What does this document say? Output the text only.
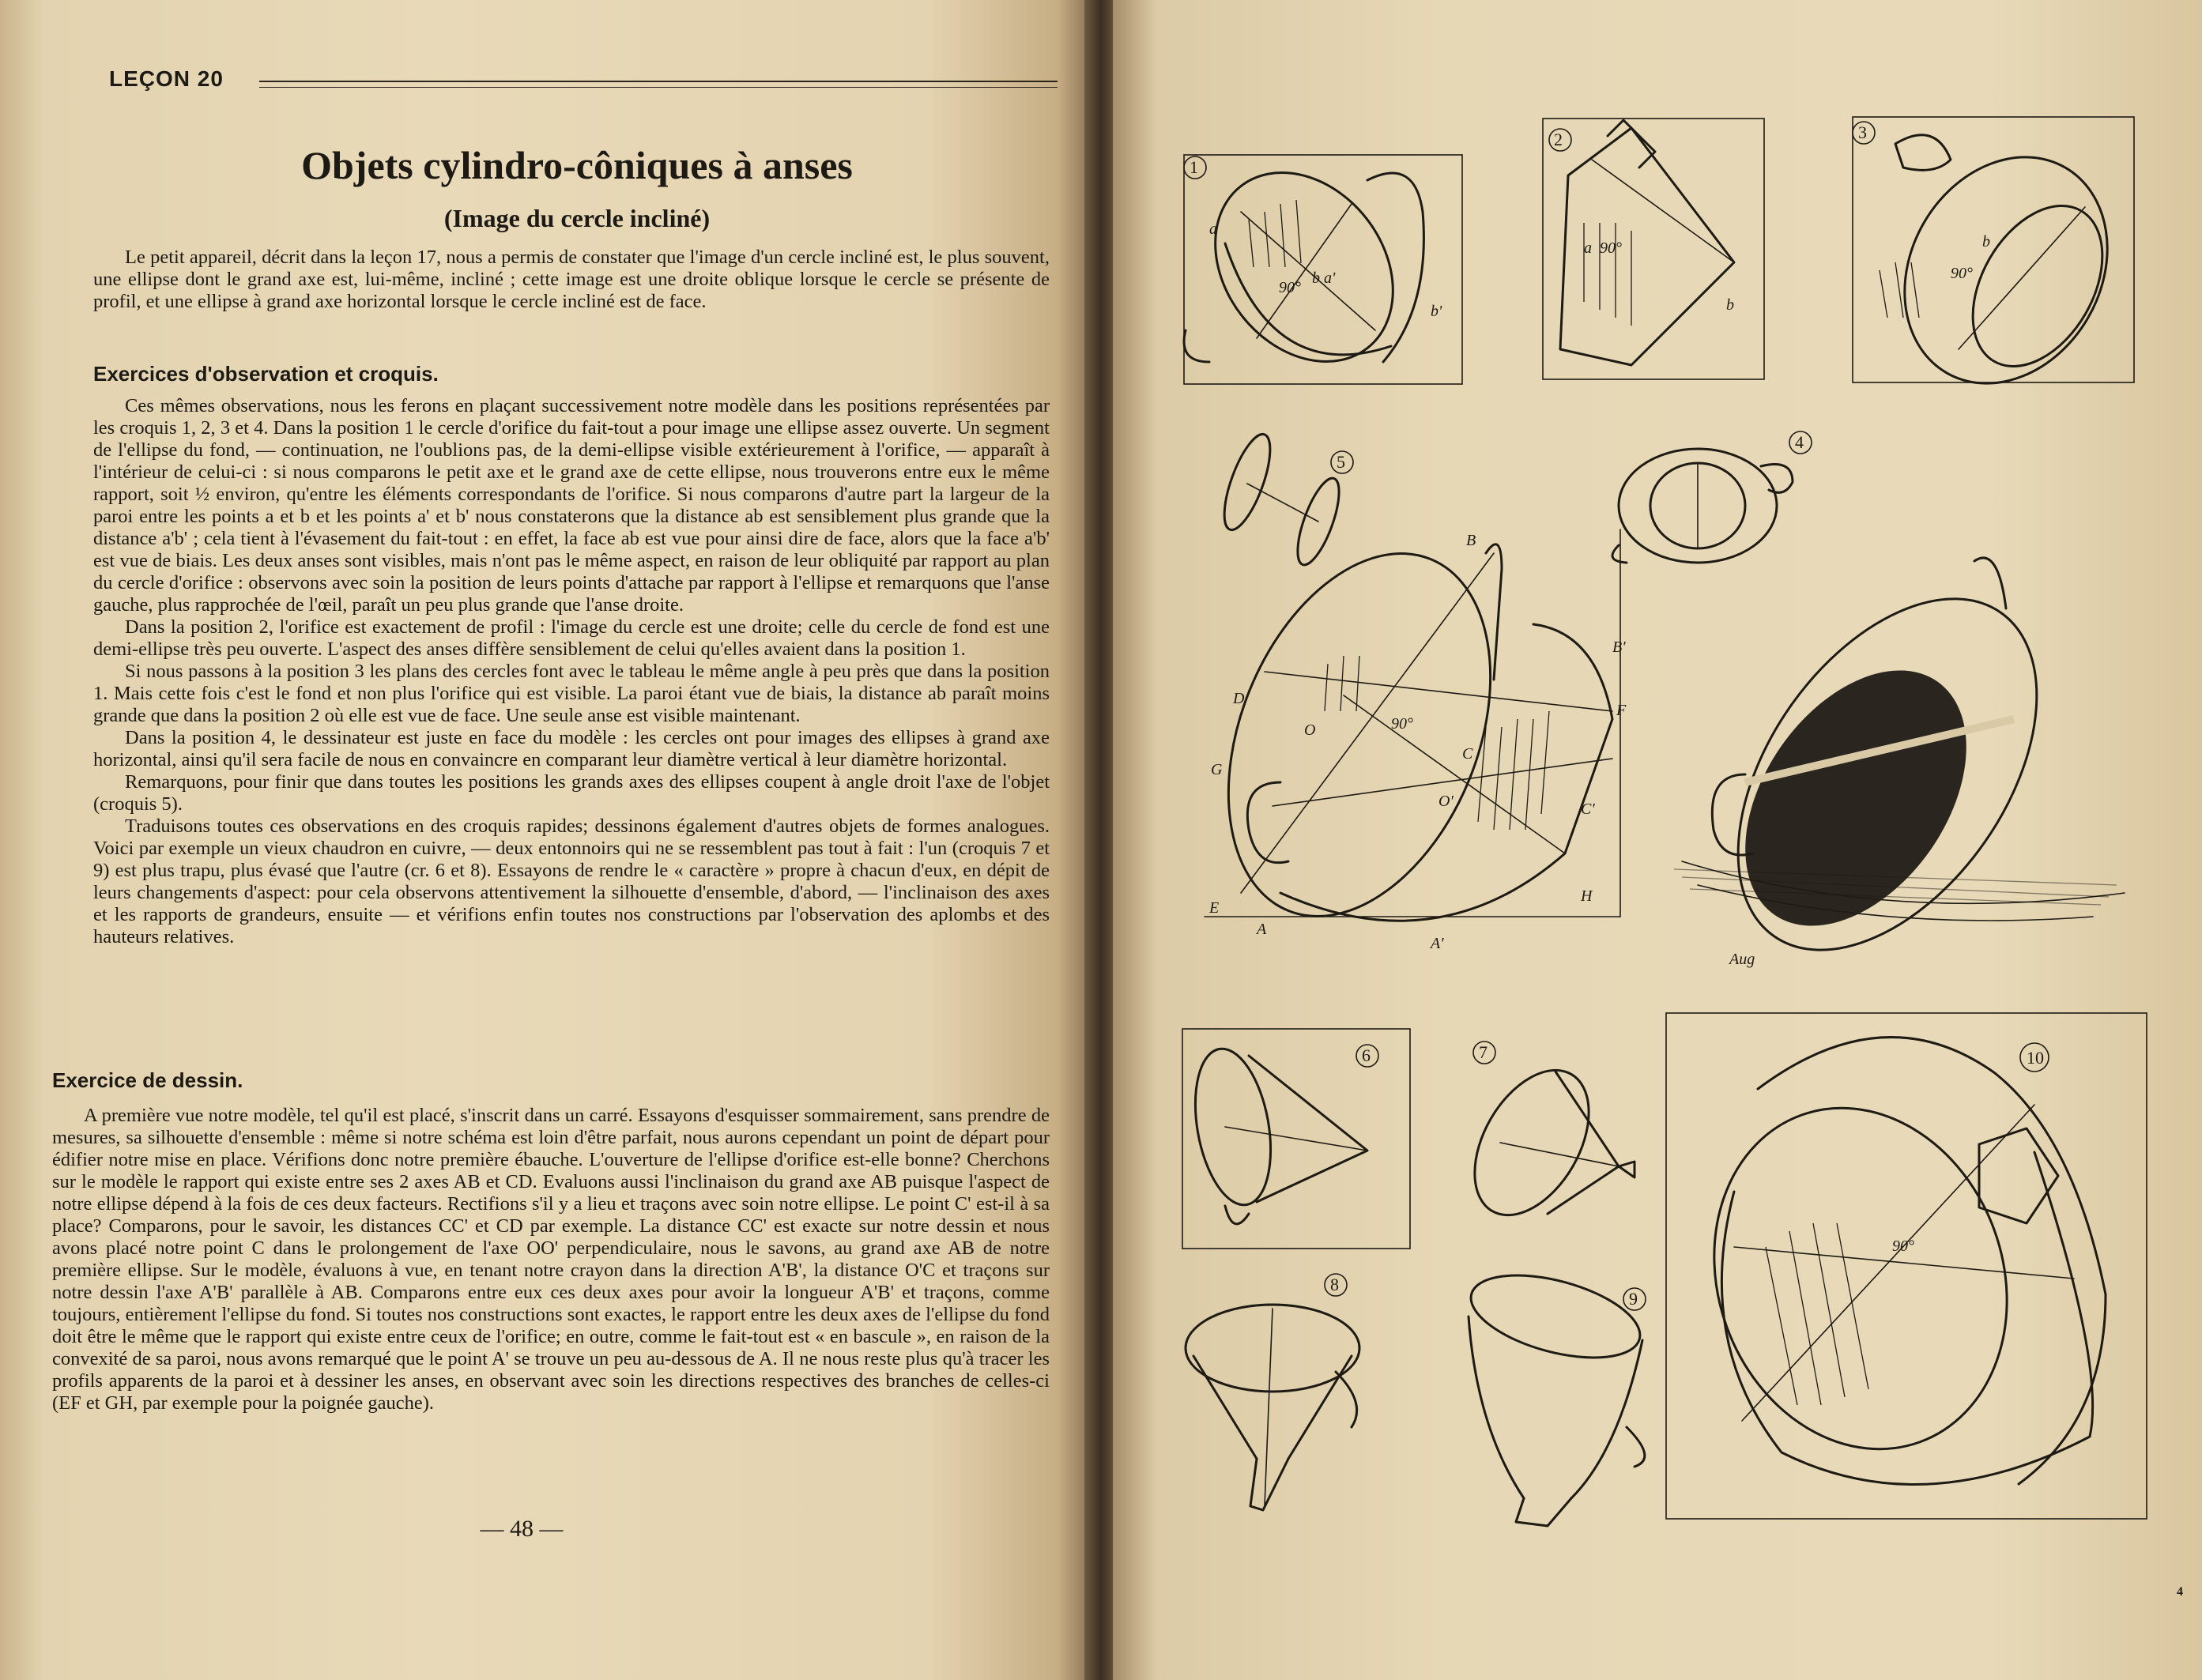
LEÇON 20
Objets cylindro-côniques à anses
(Image du cercle incliné)

Le petit appareil, décrit dans la leçon 17, nous a permis de constater que l'image d'un cercle incliné est, le plus souvent, une ellipse dont le grand axe est, lui-même, incliné ; cette image est une droite oblique lorsque le cercle se présente de profil, et une ellipse à grand axe horizontal lorsque le cercle incliné est de face.

Exercices d'observation et croquis.

Ces mêmes observations, nous les ferons en plaçant successivement notre modèle dans les positions représentées par les croquis 1, 2, 3 et 4. Dans la position 1 le cercle d'orifice du fait-tout a pour image une ellipse assez ouverte. Un segment de l'ellipse du fond, — continuation, ne l'oublions pas, de la demi-ellipse visible extérieurement à l'orifice, — apparaît à l'intérieur de celui-ci : si nous comparons le petit axe et le grand axe de cette ellipse, nous trouverons entre eux le même rapport, soit ½ environ, qu'entre les éléments correspondants de l'orifice. Si nous comparons d'autre part la largeur de la paroi entre les points a et b et les points a' et b' nous constaterons que la distance ab est sensiblement plus grande que la distance a'b' ; cela tient à l'évasement du fait-tout : en effet, la face ab est vue pour ainsi dire de face, alors que la face a'b' est vue de biais. Les deux anses sont visibles, mais n'ont pas le même aspect, en raison de leur obliquité par rapport au plan du cercle d'orifice : observons avec soin la position de leurs points d'attache par rapport à l'ellipse et remarquons que l'anse gauche, plus rapprochée de l'œil, paraît un peu plus grande que l'anse droite.

Dans la position 2, l'orifice est exactement de profil : l'image du cercle est une droite; celle du cercle de fond est une demi-ellipse très peu ouverte. L'aspect des anses diffère sensiblement de celui qu'elles avaient dans la position 1.

Si nous passons à la position 3 les plans des cercles font avec le tableau le même angle à peu près que dans la position 1. Mais cette fois c'est le fond et non plus l'orifice qui est visible. La paroi étant vue de biais, la distance ab paraît moins grande que dans la position 2 où elle est vue de face. Une seule anse est visible maintenant.

Dans la position 4, le dessinateur est juste en face du modèle : les cercles ont pour images des ellipses à grand axe horizontal, ainsi qu'il sera facile de nous en convaincre en comparant leur diamètre vertical à leur diamètre horizontal.

Remarquons, pour finir que dans toutes les positions les grands axes des ellipses coupent à angle droit l'axe de l'objet (croquis 5).

Traduisons toutes ces observations en des croquis rapides; dessinons également d'autres objets de formes analogues. Voici par exemple un vieux chaudron en cuivre, — deux entonnoirs qui ne se ressemblent pas tout à fait : l'un (croquis 7 et 9) est plus trapu, plus évasé que l'autre (cr. 6 et 8). Essayons de rendre le « caractère » propre à chacun d'eux, en dépit de leurs changements d'aspect: pour cela observons attentivement la silhouette d'ensemble, d'abord, — l'inclinaison des axes et les rapports de grandeurs, ensuite — et vérifions enfin toutes nos constructions par l'observation des aplombs et des hauteurs relatives.

Exercice de dessin.

A première vue notre modèle, tel qu'il est placé, s'inscrit dans un carré. Essayons d'esquisser sommairement, sans prendre de mesures, sa silhouette d'ensemble : même si notre schéma est loin d'être parfait, nous aurons cependant un point de départ pour édifier notre mise en place. Vérifions donc notre première ébauche. L'ouverture de l'ellipse d'orifice est-elle bonne? Cherchons sur le modèle le rapport qui existe entre ses 2 axes AB et CD. Evaluons aussi l'inclinaison du grand axe AB puisque l'aspect de notre ellipse dépend à la fois de ces deux facteurs. Rectifions s'il y a lieu et traçons avec soin notre ellipse. Le point C' est-il à sa place? Comparons, pour le savoir, les distances CC' et CD par exemple. La distance CC' est exacte sur notre dessin et nous avons placé notre point C dans le prolongement de l'axe OO' perpendiculaire, nous le savons, au grand axe AB de notre première ellipse. Sur le modèle, évaluons à vue, en tenant notre crayon dans la direction A'B', la distance O'C et traçons sur notre dessin l'axe A'B' parallèle à AB. Comparons entre eux ces deux axes pour avoir la longueur A'B' et traçons, comme toujours, entièrement l'ellipse du fond. Si toutes nos constructions sont exactes, le rapport entre les deux axes de l'ellipse du fond doit être le même que le rapport qui existe entre ceux de l'orifice; en outre, comme le fait-tout est « en bascule », en raison de la convexité de sa paroi, nous avons remarqué que le point A' se trouve un peu au-dessous de A. Il ne nous reste plus qu'à tracer les profils apparents de la paroi et à dessiner les anses, en observant avec soin les directions respectives des branches de celles-ci (EF et GH, par exemple pour la poignée gauche).

— 48 —
1
a
b a'
b'
90°
2
a
b
90°
3
b
90°
5
4
B
B'
D
F
G
C
C'
O
O'
H
E
A
A'
90°
Aug
6	7
8
9
10
90°
4
